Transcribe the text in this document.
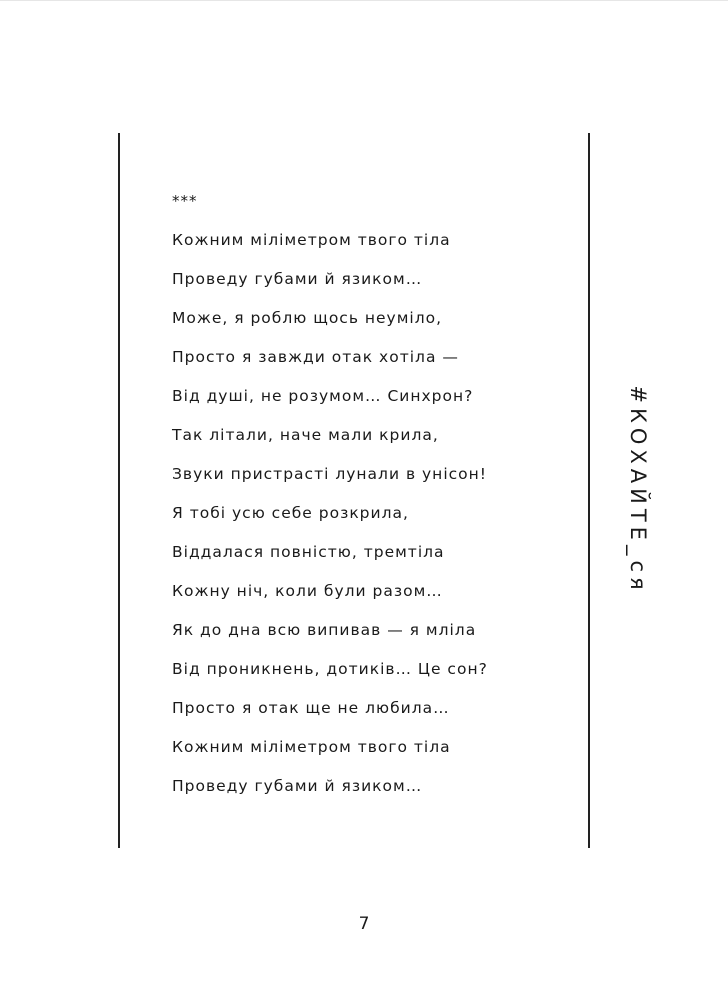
***
Кожним міліметром твого тіла
Проведу губами й язиком…
Може, я роблю щось неуміло,
Просто я завжди отак хотіла —
Від душі, не розумом… Синхрон?
Так літали, наче мали крила,
Звуки пристрасті лунали в унісон!
Я тобі усю себе розкрила,
Віддалася повністю, тремтіла
Кожну ніч, коли були разом…
Як до дна всю випивав — я мліла
Від проникнень, дотиків… Це сон?
Просто я отак ще не любила…
Кожним міліметром твого тіла
Проведу губами й язиком…
#КОХАЙТЕ_ся
7
